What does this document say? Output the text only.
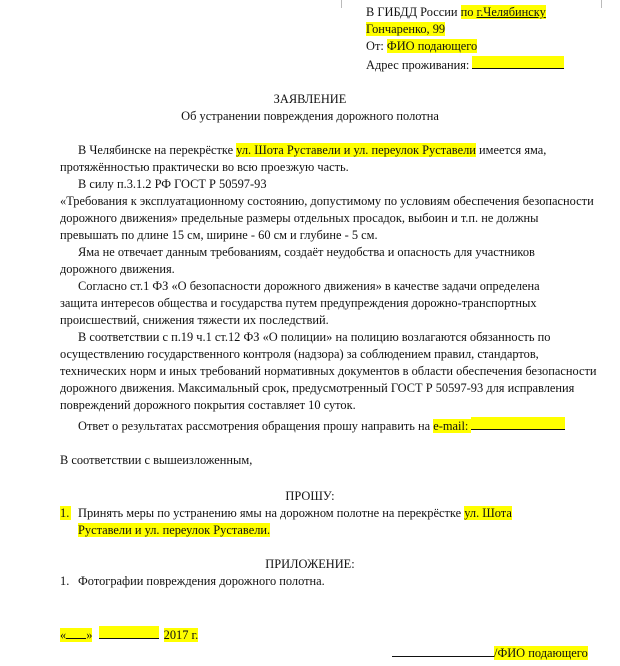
В ГИБДД России по г.Челябинску
Гончаренко, 99
От: ФИО подающего
Адрес проживания:
ЗАЯВЛЕНИЕ
Об устранении повреждения дорожного полотна
В Челябинске на перекрёстке ул. Шота Руставели и ул. переулок Руставели имеется яма,
протяжённостью практически во всю проезжую часть.
В силу п.3.1.2 РФ ГОСТ Р 50597-93
«Требования к эксплуатационному состоянию, допустимому по условиям обеспечения безопасности
дорожного движения» предельные размеры отдельных просадок, выбоин и т.п. не должны
превышать по длине 15 см, ширине - 60 см и глубине - 5 см.
Яма не отвечает данным требованиям, создаёт неудобства и опасность для участников
дорожного движения.
Согласно ст.1 ФЗ «О безопасности дорожного движения» в качестве задачи определена
защита интересов общества и государства путем предупреждения дорожно-транспортных
происшествий, снижения тяжести их последствий.
В соответствии с п.19 ч.1 ст.12 ФЗ «О полиции» на полицию возлагаются обязанность по
осуществлению государственного контроля (надзора) за соблюдением правил, стандартов,
технических норм и иных требований нормативных документов в области обеспечения безопасности
дорожного движения. Максимальный срок, предусмотренный ГОСТ Р 50597-93 для исправления
повреждений дорожного покрытия составляет 10 суток.
Ответ о результатах рассмотрения обращения прошу направить на e-mail:
В соответствии с вышеизложенным,
ПРОШУ:
1. Принять меры по устранению ямы на дорожном полотне на перекрёстке ул. Шота
Руставели и ул. переулок Руставели.
ПРИЛОЖЕНИЕ:
1. Фотографии повреждения дорожного полотна.
« »	2017 г.
/ФИО подающего
